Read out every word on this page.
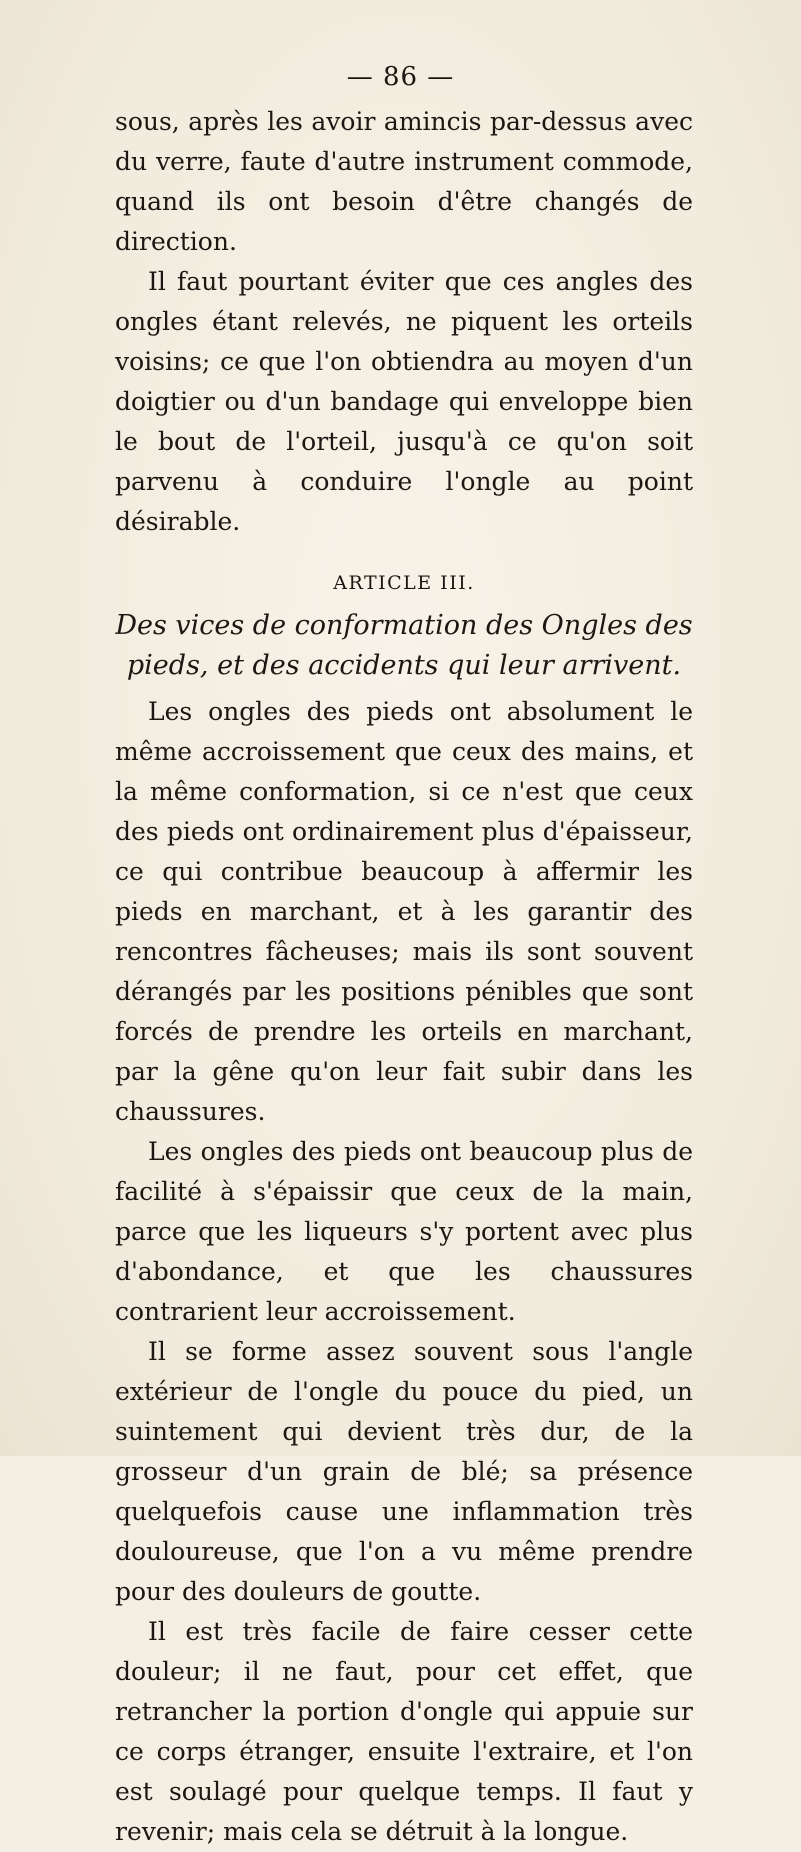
— 86 —

sous, après les avoir amincis par-dessus avec du verre, faute d'autre instrument commode, quand ils ont besoin d'être changés de direction.

Il faut pourtant éviter que ces angles des ongles étant relevés, ne piquent les orteils voisins; ce que l'on obtiendra au moyen d'un doigtier ou d'un bandage qui enveloppe bien le bout de l'orteil, jusqu'à ce qu'on soit parvenu à conduire l'ongle au point désirable.

ARTICLE III.
Des vices de conformation des Ongles des pieds, et des accidents qui leur arrivent.

Les ongles des pieds ont absolument le même accroissement que ceux des mains, et la même conformation, si ce n'est que ceux des pieds ont ordinairement plus d'épaisseur, ce qui contribue beaucoup à affermir les pieds en marchant, et à les garantir des rencontres fâcheuses; mais ils sont souvent dérangés par les positions pénibles que sont forcés de prendre les orteils en marchant, par la gêne qu'on leur fait subir dans les chaussures.

Les ongles des pieds ont beaucoup plus de facilité à s'épaissir que ceux de la main, parce que les liqueurs s'y portent avec plus d'abondance, et que les chaussures contrarient leur accroissement.

Il se forme assez souvent sous l'angle extérieur de l'ongle du pouce du pied, un suintement qui devient très dur, de la grosseur d'un grain de blé; sa présence quelquefois cause une inflammation très douloureuse, que l'on a vu même prendre pour des douleurs de goutte.

Il est très facile de faire cesser cette douleur; il ne faut, pour cet effet, que retrancher la portion d'ongle qui appuie sur ce corps étranger, ensuite l'extraire, et l'on est soulagé pour quelque temps. Il faut y revenir; mais cela se détruit à la longue.
